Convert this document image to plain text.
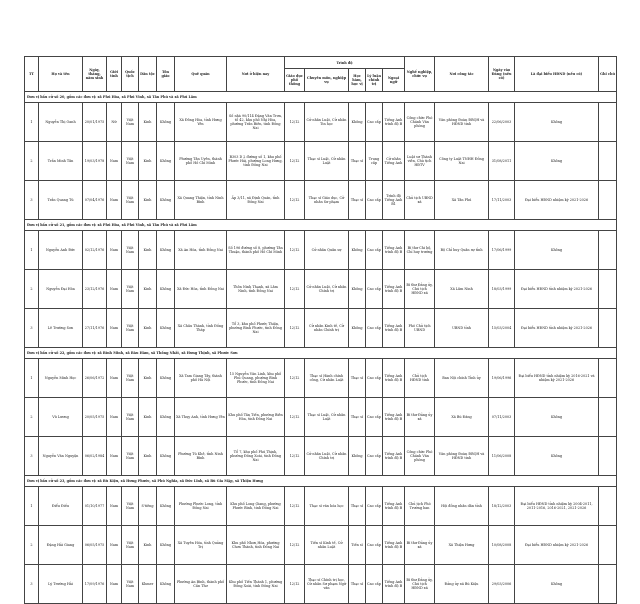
TT	Họ và tên	Ngày, tháng, năm sinh	Giới tính	Quốc tịch	Dân tộc	Tôn giáo	Quê quán	Nơi ở hiện nay	Trình độ					Nghề nghiệp, chức vụ	Nơi công tác	Ngày vào Đảng (nếu có)	Là đại biểu HĐND (nếu có)	Ghi chú
									Giáo dục phổ thông	Chuyên môn, nghiệp vụ	Học hàm, học vị	Lý luận chính trị	Ngoại ngữ					
Đơn vị bầu cử số 20, gồm các đơn vị: xã Phú Hòa, xã Phú Vinh, xã Tân Phú và xã Phú Lâm																		
1	Nguyễn Thị Oanh	20/01/1975	Nữ	Việt Nam	Kinh	Không	Xã Đông Hòa, tỉnh Hưng Yên	Số nhà 90/114 Đặng Văn Trơn, tổ 42, khu phố Nhị Hòa, phường Trấn Biên, tỉnh Đồng Nai	12/12	Cử nhân Luật, Cử nhân Tin học	Không	Cao cấp	Tiếng Anh trình độ B	Công chức Phó Chánh Văn phòng	Văn phòng Đoàn ĐBQH và HĐND tỉnh	22/06/2003	Không	
2	Trần Minh Tân	19/03/1978	Nam	Việt Nam	Kinh	Không	Phường Tân Uyên, thành phố Hồ Chí Minh	B303 D 2 đường số 1, khu phố Phước Hải, phường Long Hưng, tỉnh Đồng Nai	12/12	Thạc sĩ Luật, Cử nhân Luật	Thạc sĩ	Trung cấp	Cử nhân Tiếng Anh	Luật sư Thành viên, Chủ tịch HĐTV	Công ty Luật TNHH Đồng Nai	31/08/2011	Không	
3	Trần Quang Tú	07/04/1976	Nam	Việt Nam	Kinh	Không	Xã Quang Thiện, tỉnh Ninh Bình	Ấp 3/11, xã Định Quán, tỉnh Đồng Nai	12/12	Thạc sĩ Giáo dục, Cử nhân Sư phạm	Thạc sĩ	Cao cấp	Trình độ Tiếng Anh B1	Chủ tịch UBND xã	Xã Tân Phú	17/11/2003	Đại biểu HĐND nhiệm kỳ 2021-2026	
Đơn vị bầu cử số 21, gồm các đơn vị: xã Phú Hòa, xã Phú Vinh, xã Tân Phú và xã Phú Lâm																		
1	Nguyễn Anh Đức	02/12/1976	Nam	Việt Nam	Kinh	Không	Xã An Hòa, tỉnh Đồng Nai	Số 196 đường số 8, phường Tân Thuận, thành phố Hồ Chí Minh	12/12	Cử nhân Quân sự	Không	Cao cấp	Tiếng Anh trình độ B	Bí thư Chi bộ, Chỉ huy trưởng	Bộ Chỉ huy Quân sự tỉnh	17/06/1999	Không	
2	Nguyễn Đại Hòa	23/12/1976	Nam	Việt Nam	Kinh	Không	Xã Đức Hòa, tỉnh Đồng Nai	Thôn Ninh Thạnh, xã Lâm Ninh, tỉnh Đồng Nai	12/12	Cử nhân Luật, Cử nhân Chính trị	Không	Cao cấp	Tiếng Anh trình độ B	Bí thư Đảng ủy, Chủ tịch HĐND xã	Xã Lâm Ninh	18/03/1999	Đại biểu HĐND tỉnh nhiệm kỳ 2021-2026	
3	Lê Trường Sơn	27/11/1976	Nam	Việt Nam	Kinh	Không	Xã Châu Thành, tỉnh Đồng Tháp	Tổ 3, khu phố Phước Thiện, phường Bình Phước, tỉnh Đồng Nai	12/12	Cử nhân Kinh tế, Cử nhân Chính trị	Không	Cao cấp	Tiếng Anh trình độ B	Phó Chủ tịch UBND	UBND tỉnh	15/03/2004	Đại biểu HĐND tỉnh nhiệm kỳ 2021-2026	
Đơn vị bầu cử số 22, gồm các đơn vị: xã Bình Minh, xã Bàu Hàm, xã Thống Nhất, xã Hưng Thịnh, xã Phước Sơn																		
1	Nguyễn Minh Học	26/06/1972	Nam	Việt Nam	Kinh	Không	Xã Tam Giang Tây, thành phố Hà Nội	15 Nguyễn Văn Linh, khu phố Phú Quang, phường Bình Phước, tỉnh Đồng Nai	12/12	Thạc sĩ Hành chính công, Cử nhân Luật	Thạc sĩ	Cao cấp	Tiếng Anh trình độ B	Chủ tịch HĐND tỉnh	Ban Nội chính Tỉnh ủy	19/06/1996	Đại biểu HĐND tỉnh nhiệm kỳ 2016-2021 và nhiệm kỳ 2021-2026	
2	Vũ Lương	20/05/1975	Nam	Việt Nam	Kinh	Không	Xã Thụy Anh, tỉnh Hưng Yên	Khu phố Tân Tiến, phường Biên Hòa, tỉnh Đồng Nai	12/12	Thạc sĩ Luật, Cử nhân Luật	Thạc sĩ	Cao cấp	Tiếng Anh trình độ B	Bí thư Đảng ủy xã	Xã Bù Đăng	07/11/2003	Không	
3	Nguyễn Văn Nguyện	06/02/1984	Nam	Việt Nam	Kinh	Không	Phường Tú Khê, tỉnh Ninh Bình	Tổ 7, khu phố Phú Thịnh, phường Đồng Xoài, tỉnh Đồng Nai	12/12	Cử nhân Luật, Cử nhân Chính trị	Không	Cao cấp	Tiếng Anh trình độ B	Công chức Phó Chánh Văn phòng	Văn phòng Đoàn ĐBQH và HĐND tỉnh	11/06/2008	Không	
Đơn vị bầu cử số 23, gồm các đơn vị: xã Bù Kiệu, xã Hưng Phước, xã Phú Nghĩa, xã Đức Lĩnh, xã Bù Gia Mập, xã Thiện Hưng																		
1	Điểu Điều	01/10/1977	Nam	Việt Nam	S'tiêng	Không	Phường Phước Long, tỉnh Đồng Nai	Khu phố Long Giang, phường Phước Bình, tỉnh Đồng Nai	12/12	Thạc sĩ văn hóa học	Thạc sĩ	Cao cấp	Tiếng Anh trình độ B	Chủ tịch Phó Trưởng ban	Hội đồng nhân dân tỉnh	18/12/2003	Đại biểu HĐND tỉnh nhiệm kỳ 2004-2011, 2011-2016, 2016-2021, 2021-2026	
2	Đặng Hải Giang	06/05/1975	Nam	Việt Nam	Kinh	Không	Xã Tuyên Hóa, tỉnh Quảng Trị	Khu phố Nhơn Hòa, phường Chơn Thành, tỉnh Đồng Nai	12/12	Tiến sĩ Kinh tế, Cử nhân Luật	Tiến sĩ	Cao cấp	Tiếng Anh trình độ B	Bí thư Đảng ủy xã	Xã Thiện Hưng	10/08/2008	Đại biểu HĐND nhiệm kỳ 2021-2026	
3	Lý Trường Hải	17/09/1976	Nam	Việt Nam	Khmer	Không	Phường An Bình, thành phố Cần Thơ	Khu phố Tiến Thành 1, phường Đồng Xoài, tỉnh Đồng Nai	12/12	Thạc sĩ Chính trị học, Cử nhân Sư phạm Ngữ văn	Thạc sĩ	Cao cấp	Tiếng Anh trình độ B	Bí thư Đảng ủy, Chủ tịch HĐND xã	Đảng ủy xã Bù Kiệu	29/03/2006	Không	
